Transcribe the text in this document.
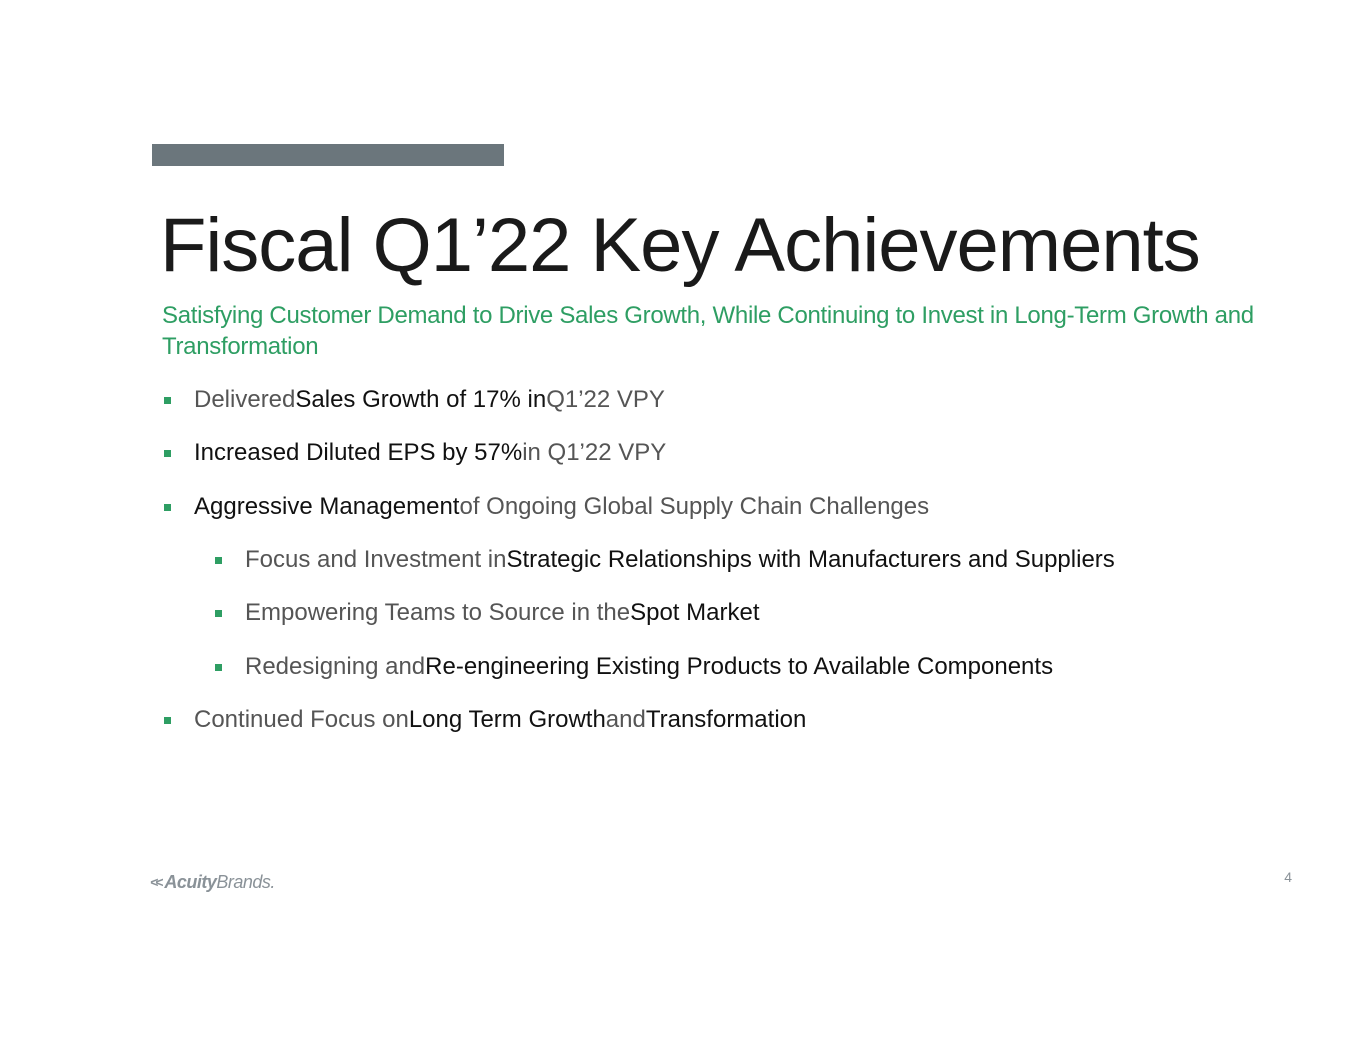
Fiscal Q1’22 Key Achievements

Satisfying Customer Demand to Drive Sales Growth, While Continuing to Invest in Long-Term Growth and Transformation

Delivered Sales Growth of 17% in Q1’22 VPY
Increased Diluted EPS by 57% in Q1’22 VPY
Aggressive Management of Ongoing Global Supply Chain Challenges
Focus and Investment in Strategic Relationships with Manufacturers and Suppliers
Empowering Teams to Source in the Spot Market
Redesigning and Re-engineering Existing Products to Available Components
Continued Focus on Long Term Growth and Transformation
<< Acuity Brands.	4
